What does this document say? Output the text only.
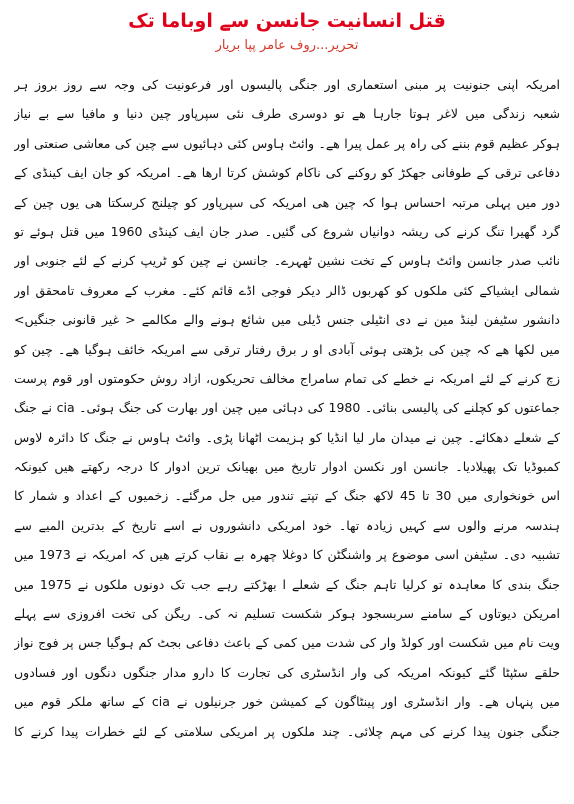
قتل انسانیت جانسن سے اوباما تک
تحریر...روف عامر پپا بریار
امریکہ اپنی جنونیت پر مبنی استعماری اور جنگی پالیسوں اور فرعونیت کی وجہ سے روز بروز ہر
شعبہ زندگی میں لاغر ہوتا جارہا ھے تو دوسری طرف نئی سپرپاور چین دنیا و مافیا سے بے نیاز
ہوکر عظیم قوم بننے کی راہ پر عمل پیرا ھے۔ وائٹ ہاوس کئی دہائیوں سے چین کی معاشی صنعتی اور
دفاعی ترقی کے طوفانی جھکڑ کو روکنے کی ناکام کوشش کرتا ارھا ھے۔ امریکہ کو جان ایف کینڈی کے
دور میں پہلی مرتبہ احساس ہوا کہ چین ھی امریکہ کی سپرپاور کو چیلنج کرسکتا ھی یوں چین کے
گرد گھیرا تنگ کرنے کی ریشہ دوانیاں شروع کی گئیں۔ صدر جان ایف کینڈی 1960 میں قتل ہوئے تو
نائب صدر جانسن وائٹ ہاوس کے تخت نشین ٹھہرے۔ جانسن نے چین کو ٹریپ کرنے کے لئے جنوبی اور
شمالی ایشیاکے کئی ملکوں کو کھربوں ڈالر دیکر فوجی اڈے قائم کئے۔ مغرب کے معروف تامحقق اور
دانشور سٹیفن لینڈ مین نے دی انٹیلی جنس ڈیلی میں شائع ہونے والے مکالمے < غیر قانونی جنگیں>
میں لکھا ھے کہ چین کی بڑھتی ہوئی آبادی او ر برق رفتار ترقی سے امریکہ خائف ہوگیا ھے۔ چین کو
زچ کرنے کے لئے امریکہ نے خطے کی تمام سامراج مخالف تحریکوں، ازاد روش حکومتوں اور قوم پرست
جماعتوں کو کچلنے کی پالیسی بنائی۔ 1980 کی دہائی میں چین اور بھارت کی جنگ ہوئی۔ cia نے جنگ
کے شعلے دھکائے۔ چین نے میدان مار لیا انڈیا کو ہزیمت اٹھانا پڑی۔ وائٹ ہاوس نے جنگ کا دائرہ لاوس
کمبوڈیا تک پھیلادیا۔ جانسن اور نکسن ادوار تاریخ میں بھیانک ترین ادوار کا درجہ رکھتے ھیں کیونکہ
اس خونخواری میں 30 تا 45 لاکھ جنگ کے تپتے تندور میں جل مرگئے۔ زخمیوں کے اعداد و شمار کا
ہندسہ مرنے والوں سے کہیں زیادہ تھا۔ خود امریکی دانشوروں نے اسے تاریخ کے بدترین المیے سے
تشبیہ دی۔ سٹیفن اسی موضوع پر واشنگٹن کا دوغلا چھرہ بے نقاب کرتے ھیں کہ امریکہ نے 1973 میں
جنگ بندی کا معاہدہ تو کرلیا تاہم جنگ کے شعلے ا بھڑکتے رہے جب تک دونوں ملکوں نے 1975 میں
امریکن دیوتاوں کے سامنے سربسجود ہوکر شکست تسلیم نہ کی۔ ریگن کی تخت افروزی سے پہلے
ویت نام میں شکست اور کولڈ وار کی شدت میں کمی کے باعث دفاعی بجٹ کم ہوگیا جس پر فوج نواز
حلقے سٹپٹا گئے کیونکہ امریکہ کی وار انڈسٹری کی تجارت کا دارو مدار جنگوں دنگوں اور فسادوں
میں پنہاں ھے۔ وار انڈسٹری اور پینٹاگون کے کمیشن خور جرنیلوں نے cia کے ساتھ ملکر قوم میں
جنگی جنون پیدا کرنے کی مہم چلائی۔ چند ملکوں پر امریکی سلامتی کے لئے خطرات پیدا کرنے کا
